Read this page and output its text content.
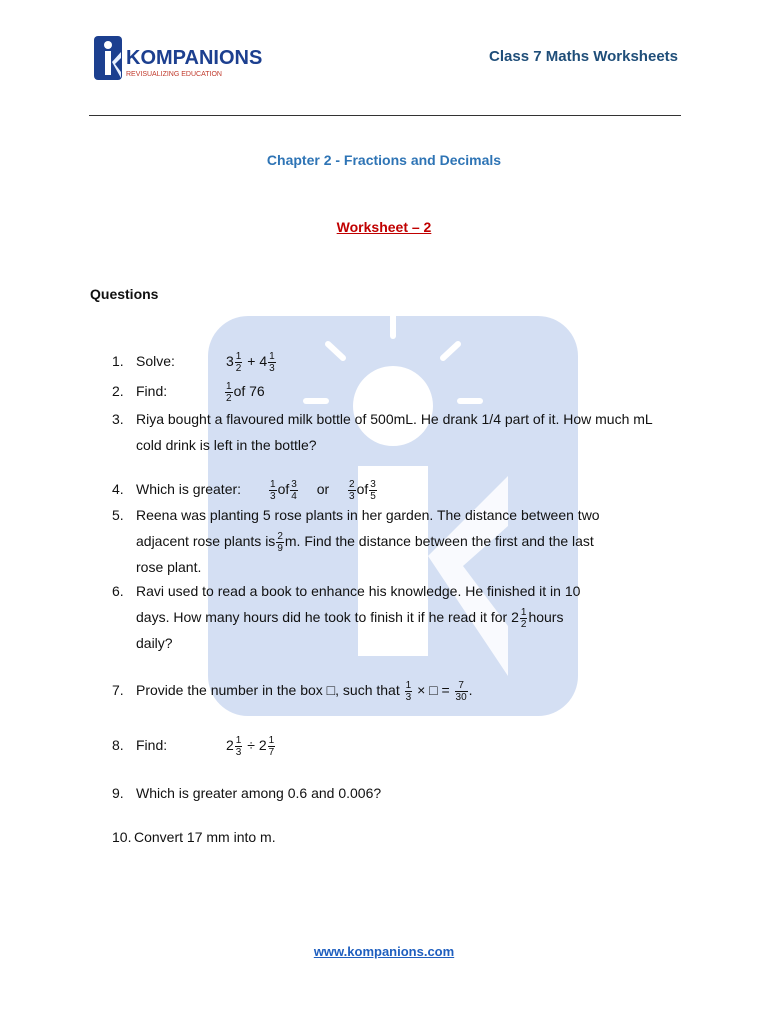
KOMPANIONS
REVISUALIZING EDUCATION
Class 7 Maths Worksheets
Chapter 2 - Fractions and Decimals
Worksheet – 2
Questions
1. Solve:	$3 \frac{1}{2} + 4 \frac{1}{3}$
2. Find:	$\frac{1}{2}$ of 76
3. Riya bought a flavoured milk bottle of 500mL. He drank 1/4 part of it. How much mL cold drink is left in the bottle?
4. Which is greater:	$\frac{1}{3}$ of $\frac{3}{4}$ or $\frac{2}{3}$ of $\frac{3}{5}$
5. Reena was planting 5 rose plants in her garden. The distance between two
adjacent rose plants is $\frac{2}{9} m$. Find the distance between the first and the last
rose plant.
6. Ravi used to read a book to enhance his knowledge. He finished it in 10
days. How many hours did he took to finish it if he read it for $2 \frac{1}{2}$ hours
daily?
7. Provide the number in the box □, such that $\frac{1}{3}$ × □ = $\frac{7}{30}$ .
8. Find:	$2 \frac{1}{3} \div 2 \frac{1}{7}$
9. Which is greater among 0.6 and 0.006?
10. Convert 17 mm into m.
www.kompanions.com
